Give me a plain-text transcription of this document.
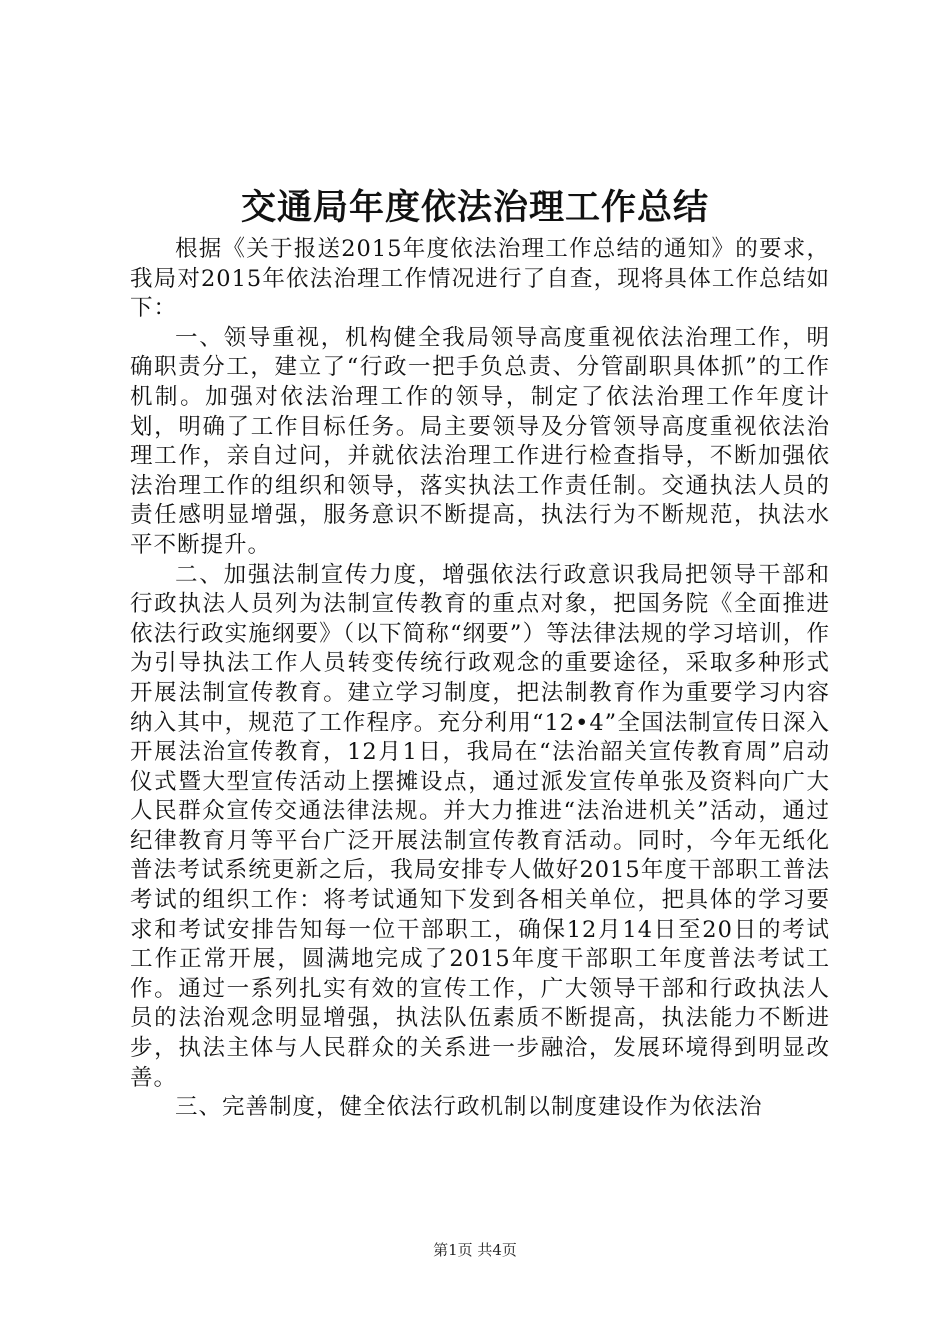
交通局年度依法治理工作总结

根据《关于报送2015年度依法治理工作总结的通知》的要求，我局对2015年依法治理工作情况进行了自查，现将具体工作总结如下：

一、领导重视，机构健全我局领导高度重视依法治理工作，明确职责分工，建立了“行政一把手负总责、分管副职具体抓”的工作机制。加强对依法治理工作的领导，制定了依法治理工作年度计划，明确了工作目标任务。局主要领导及分管领导高度重视依法治理工作，亲自过问，并就依法治理工作进行检查指导，不断加强依法治理工作的组织和领导，落实执法工作责任制。交通执法人员的责任感明显增强，服务意识不断提高，执法行为不断规范，执法水平不断提升。

二、加强法制宣传力度，增强依法行政意识我局把领导干部和行政执法人员列为法制宣传教育的重点对象，把国务院《全面推进依法行政实施纲要》（以下简称“纲要”）等法律法规的学习培训，作为引导执法工作人员转变传统行政观念的重要途径，采取多种形式开展法制宣传教育。建立学习制度，把法制教育作为重要学习内容纳入其中，规范了工作程序。充分利用“12•4”全国法制宣传日深入开展法治宣传教育，12月1日，我局在“法治韶关宣传教育周”启动仪式暨大型宣传活动上摆摊设点，通过派发宣传单张及资料向广大人民群众宣传交通法律法规。并大力推进“法治进机关”活动，通过纪律教育月等平台广泛开展法制宣传教育活动。同时，今年无纸化普法考试系统更新之后，我局安排专人做好2015年度干部职工普法考试的组织工作：将考试通知下发到各相关单位，把具体的学习要求和考试安排告知每一位干部职工，确保12月14日至20日的考试工作正常开展，圆满地完成了2015年度干部职工年度普法考试工作。通过一系列扎实有效的宣传工作，广大领导干部和行政执法人员的法治观念明显增强，执法队伍素质不断提高，执法能力不断进步，执法主体与人民群众的关系进一步融洽，发展环境得到明显改善。

三、完善制度，健全依法行政机制以制度建设作为依法治

第1页 共4页
